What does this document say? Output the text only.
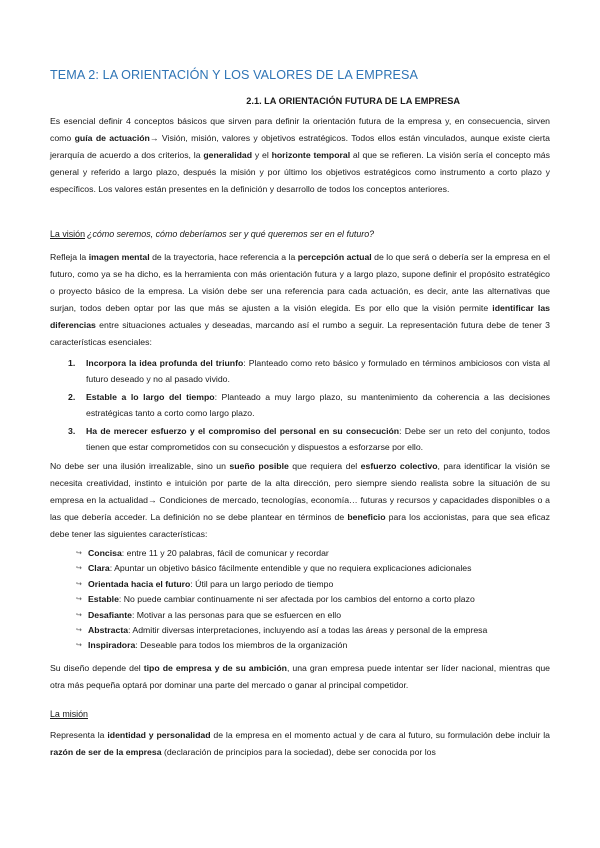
TEMA 2: LA ORIENTACIÓN Y LOS VALORES DE LA EMPRESA
2.1. LA ORIENTACIÓN FUTURA DE LA EMPRESA

Es esencial definir 4 conceptos básicos que sirven para definir la orientación futura de la empresa y, en consecuencia, sirven como guía de actuación→ Visión, misión, valores y objetivos estratégicos. Todos ellos están vinculados, aunque existe cierta jerarquía de acuerdo a dos criterios, la generalidad y el horizonte temporal al que se refieren. La visión sería el concepto más general y referido a largo plazo, después la misión y por último los objetivos estratégicos como instrumento a corto plazo y específicos. Los valores están presentes en la definición y desarrollo de todos los conceptos anteriores.

La visión ¿cómo seremos, cómo deberíamos ser y qué queremos ser en el futuro?

Refleja la imagen mental de la trayectoria, hace referencia a la percepción actual de lo que será o debería ser la empresa en el futuro, como ya se ha dicho, es la herramienta con más orientación futura y a largo plazo, supone definir el propósito estratégico o proyecto básico de la empresa. La visión debe ser una referencia para cada actuación, es decir, ante las alternativas que surjan, todos deben optar por las que más se ajusten a la visión elegida. Es por ello que la visión permite identificar las diferencias entre situaciones actuales y deseadas, marcando así el rumbo a seguir. La representación futura debe de tener 3 características esenciales:

1. Incorpora la idea profunda del triunfo: Planteado como reto básico y formulado en términos ambiciosos con vista al futuro deseado y no al pasado vivido.
2. Estable a lo largo del tiempo: Planteado a muy largo plazo, su mantenimiento da coherencia a las decisiones estratégicas tanto a corto como largo plazo.
3. Ha de merecer esfuerzo y el compromiso del personal en su consecución: Debe ser un reto del conjunto, todos tienen que estar comprometidos con su consecución y dispuestos a esforzarse por ello.

No debe ser una ilusión irrealizable, sino un sueño posible que requiera del esfuerzo colectivo, para identificar la visión se necesita creatividad, instinto e intuición por parte de la alta dirección, pero siempre siendo realista sobre la situación de su empresa en la actualidad→ Condiciones de mercado, tecnologías, economía… futuras y recursos y capacidades disponibles o a las que debería acceder. La definición no se debe plantear en términos de beneficio para los accionistas, para que sea eficaz debe tener las siguientes características:

↪ Concisa: entre 11 y 20 palabras, fácil de comunicar y recordar
↪ Clara: Apuntar un objetivo básico fácilmente entendible y que no requiera explicaciones adicionales
↪ Orientada hacia el futuro: Útil para un largo periodo de tiempo
↪ Estable: No puede cambiar continuamente ni ser afectada por los cambios del entorno a corto plazo
↪ Desafiante: Motivar a las personas para que se esfuercen en ello
↪ Abstracta: Admitir diversas interpretaciones, incluyendo así a todas las áreas y personal de la empresa
↪ Inspiradora: Deseable para todos los miembros de la organización

Su diseño depende del tipo de empresa y de su ambición, una gran empresa puede intentar ser líder nacional, mientras que otra más pequeña optará por dominar una parte del mercado o ganar al principal competidor.

La misión

Representa la identidad y personalidad de la empresa en el momento actual y de cara al futuro, su formulación debe incluir la razón de ser de la empresa (declaración de principios para la sociedad), debe ser conocida por los
